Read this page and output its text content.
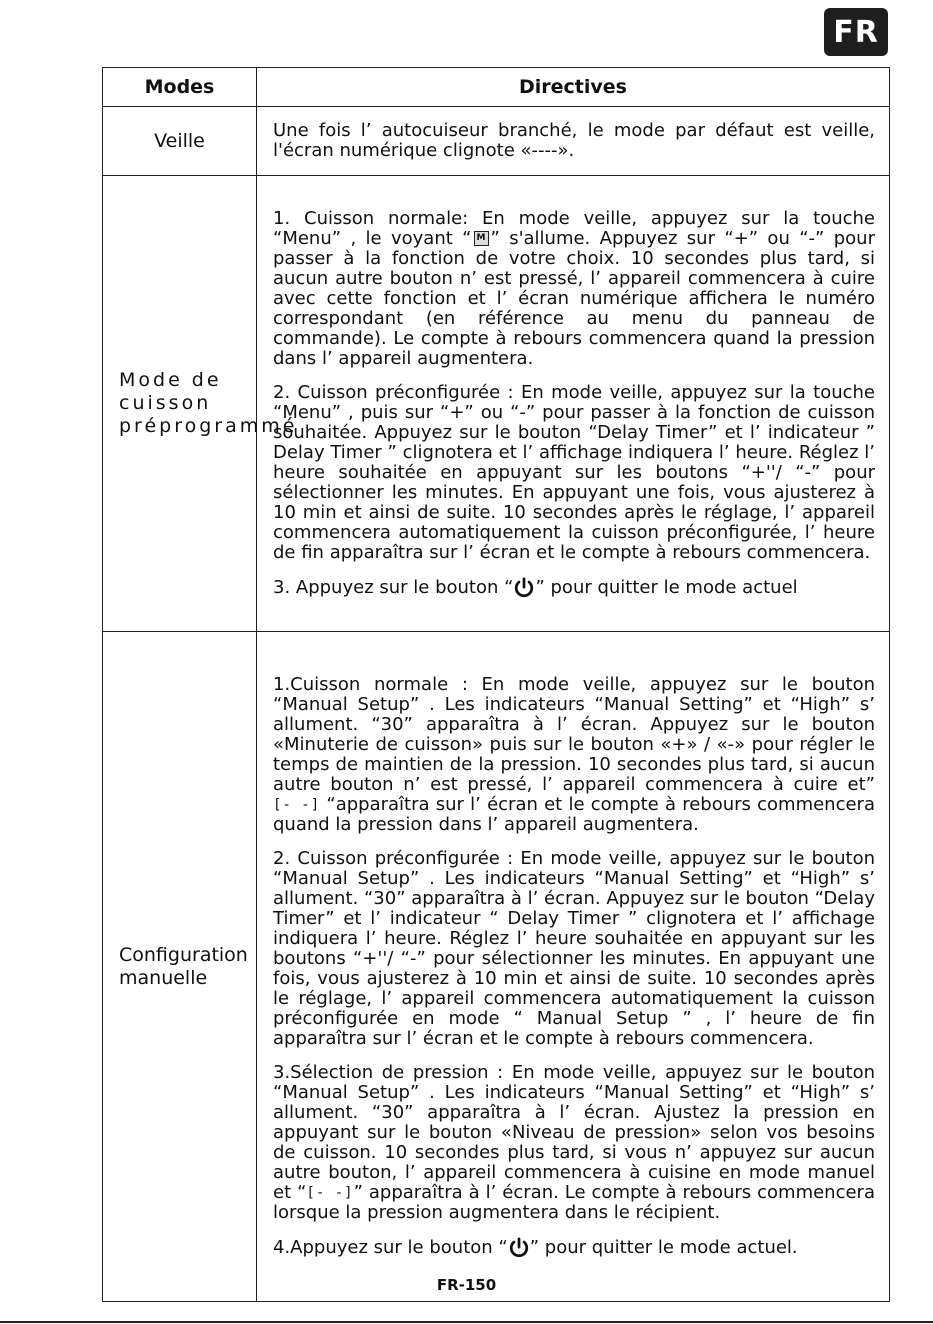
FR
Modes	Directives
Veille	Une fois l’ autocuiseur branché, le mode par défaut est veille, l'écran numérique clignote «----».

Mode de cuisson préprogrammé	1. Cuisson normale: En mode veille, appuyez sur la touche “Menu” , le voyant “ M ” s'allume. Appuyez sur “+” ou “-” pour passer à la fonction de votre choix. 10 secondes plus tard, si aucun autre bouton n’ est pressé, l’ appareil commencera à cuire avec cette fonction et l’ écran numérique affichera le numéro correspondant (en référence au menu du panneau de commande). Le compte à rebours commencera quand la pression dans l’ appareil augmentera.

2. Cuisson préconfigurée : En mode veille, appuyez sur la touche “Menu” , puis sur “+” ou “-” pour passer à la fonction de cuisson souhaitée. Appuyez sur le bouton “Delay Timer” et l’ indicateur ” Delay Timer ” clignotera et l’ affichage indiquera l’ heure. Réglez l’ heure souhaitée en appuyant sur les boutons “+''/ “-” pour sélectionner les minutes. En appuyant une fois, vous ajusterez à 10 min et ainsi de suite. 10 secondes après le réglage, l’ appareil commencera automatiquement la cuisson préconfigurée, l’ heure de fin apparaîtra sur l’ écran et le compte à rebours commencera.

3. Appuyez sur le bouton “ ” pour quitter le mode actuel

Configuration manuelle	1.Cuisson normale : En mode veille, appuyez sur le bouton “Manual Setup” . Les indicateurs “Manual Setting” et “High” s’ allument. “30” apparaîtra à l’ écran. Appuyez sur le bouton «Minuterie de cuisson» puis sur le bouton «+» / «-» pour régler le temps de maintien de la pression. 10 secondes plus tard, si aucun autre bouton n’ est pressé, l’ appareil commencera à cuire et” [- -] “apparaîtra sur l’ écran et le compte à rebours commencera quand la pression dans l’ appareil augmentera.

2. Cuisson préconfigurée : En mode veille, appuyez sur le bouton “Manual Setup” . Les indicateurs “Manual Setting” et “High” s’ allument. “30” apparaîtra à l’ écran. Appuyez sur le bouton “Delay Timer” et l’ indicateur “ Delay Timer ” clignotera et l’ affichage indiquera l’ heure. Réglez l’ heure souhaitée en appuyant sur les boutons “+''/ “-” pour sélectionner les minutes. En appuyant une fois, vous ajusterez à 10 min et ainsi de suite. 10 secondes après le réglage, l’ appareil commencera automatiquement la cuisson préconfigurée en mode “ Manual Setup ” , l’ heure de fin apparaîtra sur l’ écran et le compte à rebours commencera.

3.Sélection de pression : En mode veille, appuyez sur le bouton “Manual Setup” . Les indicateurs “Manual Setting” et “High” s’ allument. “30” apparaîtra à l’ écran. Ajustez la pression en appuyant sur le bouton «Niveau de pression» selon vos besoins de cuisson. 10 secondes plus tard, si vous n’ appuyez sur aucun autre bouton, l’ appareil commencera à cuisine en mode manuel et “[- -]” apparaîtra à l’ écran. Le compte à rebours commencera lorsque la pression augmentera dans le récipient.

4.Appuyez sur le bouton “ ” pour quitter le mode actuel.

FR-150
